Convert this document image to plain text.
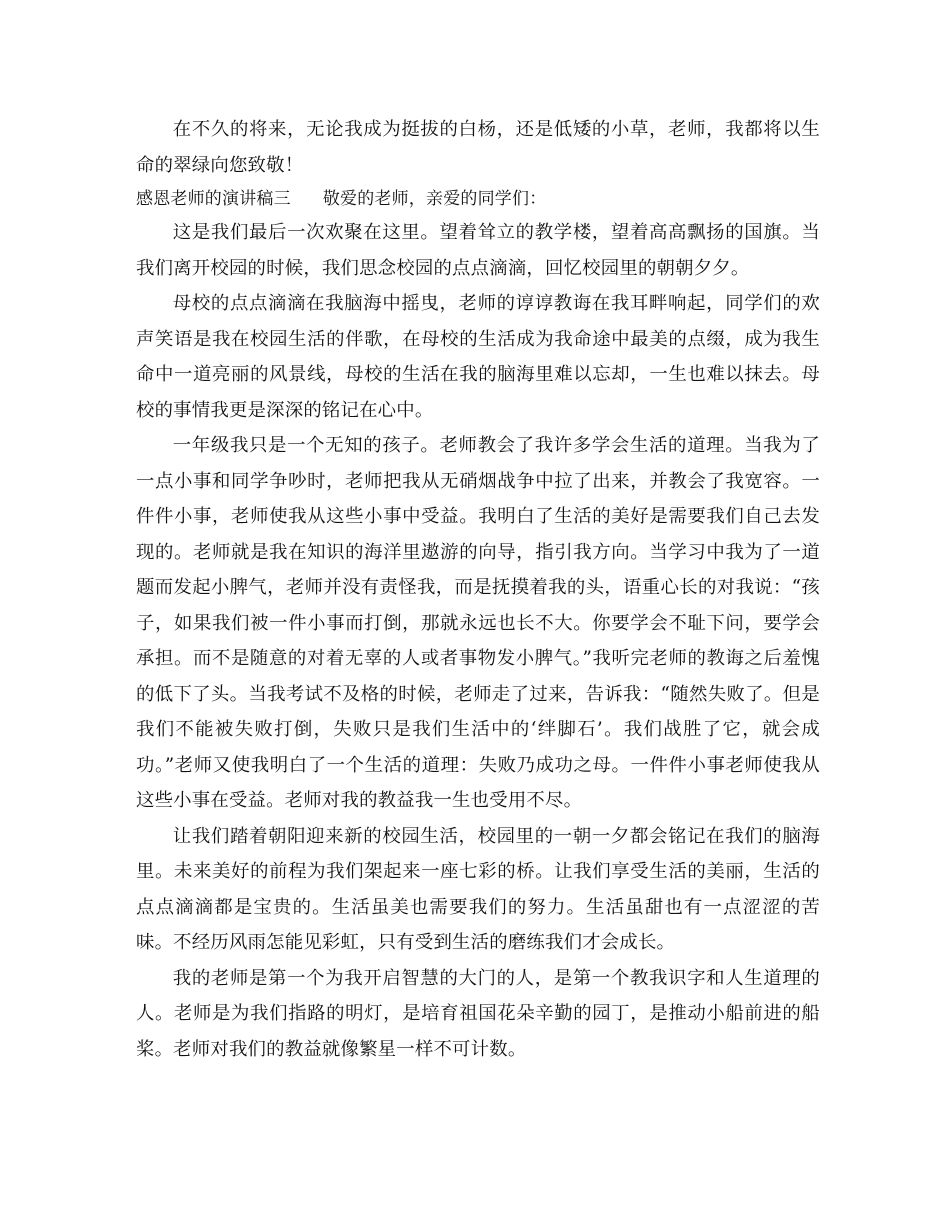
在不久的将来，无论我成为挺拔的白杨，还是低矮的小草，老师，我都将以生命的翠绿向您致敬！

感恩老师的演讲稿三 敬爱的老师，亲爱的同学们：

这是我们最后一次欢聚在这里。望着耸立的教学楼，望着高高飘扬的国旗。当我们离开校园的时候，我们思念校园的点点滴滴，回忆校园里的朝朝夕夕。

母校的点点滴滴在我脑海中摇曳，老师的谆谆教诲在我耳畔响起，同学们的欢声笑语是我在校园生活的伴歌，在母校的生活成为我命途中最美的点缀，成为我生命中一道亮丽的风景线，母校的生活在我的脑海里难以忘却，一生也难以抹去。母校的事情我更是深深的铭记在心中。

一年级我只是一个无知的孩子。老师教会了我许多学会生活的道理。当我为了一点小事和同学争吵时，老师把我从无硝烟战争中拉了出来，并教会了我宽容。一件件小事，老师使我从这些小事中受益。我明白了生活的美好是需要我们自己去发现的。老师就是我在知识的海洋里遨游的向导，指引我方向。当学习中我为了一道题而发起小脾气，老师并没有责怪我，而是抚摸着我的头，语重心长的对我说：“孩子，如果我们被一件小事而打倒，那就永远也长不大。你要学会不耻下问，要学会承担。而不是随意的对着无辜的人或者事物发小脾气。”我听完老师的教诲之后羞愧的低下了头。当我考试不及格的时候，老师走了过来，告诉我：“随然失败了。但是我们不能被失败打倒，失败只是我们生活中的‘绊脚石’。我们战胜了它，就会成功。”老师又使我明白了一个生活的道理：失败乃成功之母。一件件小事老师使我从这些小事在受益。老师对我的教益我一生也受用不尽。

让我们踏着朝阳迎来新的校园生活，校园里的一朝一夕都会铭记在我们的脑海里。未来美好的前程为我们架起来一座七彩的桥。让我们享受生活的美丽，生活的点点滴滴都是宝贵的。生活虽美也需要我们的努力。生活虽甜也有一点涩涩的苦味。不经历风雨怎能见彩虹，只有受到生活的磨练我们才会成长。

我的老师是第一个为我开启智慧的大门的人，是第一个教我识字和人生道理的人。老师是为我们指路的明灯，是培育祖国花朵辛勤的园丁，是推动小船前进的船桨。老师对我们的教益就像繁星一样不可计数。
